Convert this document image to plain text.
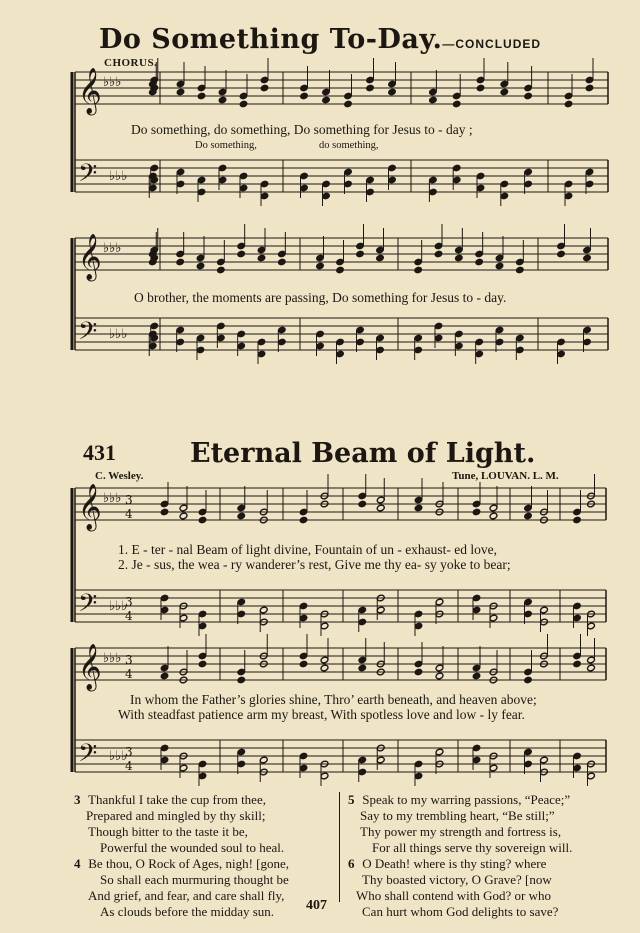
Do Something To-Day.—CONCLUDED
CHORUS.
𝄞
𝄢
♭♭♭
♭♭♭
𝄞
𝄢
♭♭♭
♭♭♭
𝄞
𝄢
♭♭♭
♭♭♭
3
4
3
4
𝄞
𝄢
♭♭♭
♭♭♭
3
4
3
4
Do something, do something, Do something for Jesus to - day ;
Do something,	do something,
O brother, the moments are passing, Do something for Jesus to - day.
431	Eternal Beam of Light.
C. Wesley.	Tune, LOUVAN. L. M.
1. E - ter - nal Beam of light divine, Fountain of un - exhaust- ed love,
2. Je - sus, the wea - ry wanderer’s rest, Give me thy ea- sy yoke to bear;
In whom the Father’s glories shine, Thro’ earth beneath, and heaven above;
With steadfast patience arm my breast, With spotless love and low - ly fear.
3 Thankful I take the cup from thee,
Prepared and mingled by thy skill;
Though bitter to the taste it be,
Powerful the wounded soul to heal.
4 Be thou, O Rock of Ages, nigh! [gone,
So shall each murmuring thought be
And grief, and fear, and care shall fly,
As clouds before the midday sun.
5 Speak to my warring passions, “Peace;”
Say to my trembling heart, “Be still;”
Thy power my strength and fortress is,
For all things serve thy sovereign will.
6 O Death! where is thy sting? where
Thy boasted victory, O Grave? [now
Who shall contend with God? or who
Can hurt whom God delights to save?
407
